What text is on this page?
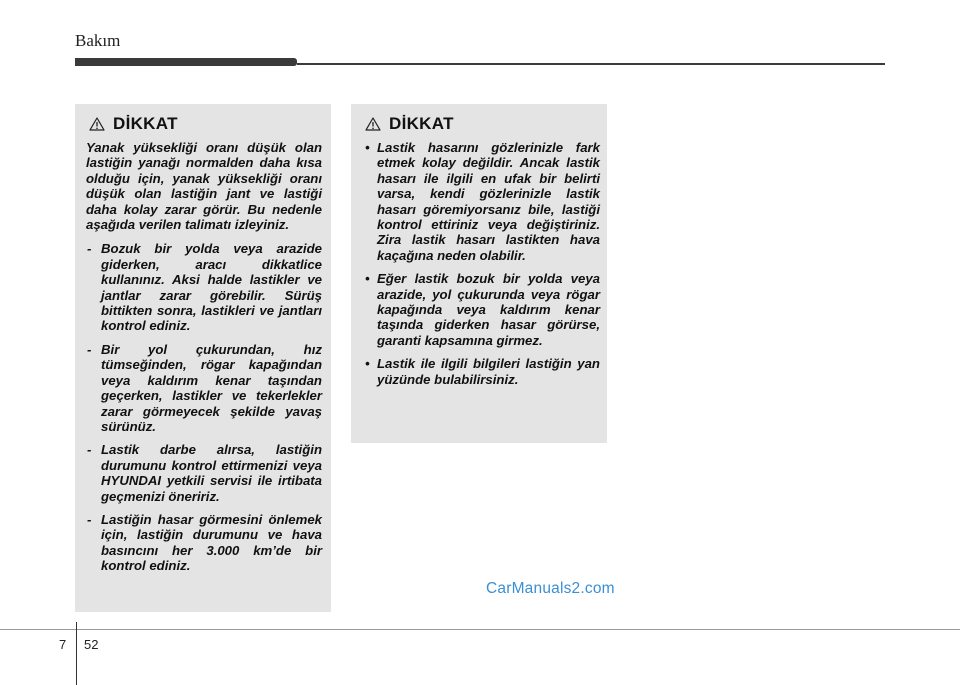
Bakım
DİKKAT

Yanak yüksekliği oranı düşük olan lastiğin yanağı normalden daha kısa olduğu için, yanak yüksekliği oranı düşük olan lastiğin jant ve lastiği daha kolay zarar görür. Bu nedenle aşağıda verilen talimatı izleyiniz.

- Bozuk bir yolda veya arazide giderken, aracı dikkatlice kullanınız. Aksi halde lastikler ve jantlar zarar görebilir. Sürüş bittikten sonra, lastikleri ve jantları kontrol ediniz.
- Bir yol çukurundan, hız tümseğinden, rögar kapağından veya kaldırım kenar taşından geçerken, lastikler ve tekerlekler zarar görmeyecek şekilde yavaş sürünüz.
- Lastik darbe alırsa, lastiğin durumunu kontrol ettirmenizi veya HYUNDAI yetkili servisi ile irtibata geçmenizi öneririz.
- Lastiğin hasar görmesini önlemek için, lastiğin durumunu ve hava basıncını her 3.000 km’de bir kontrol ediniz.
DİKKAT
• Lastik hasarını gözlerinizle fark etmek kolay değildir. Ancak lastik hasarı ile ilgili en ufak bir belirti varsa, kendi gözlerinizle lastik hasarı göremiyorsanız bile, lastiği kontrol ettiriniz veya değiştiriniz. Zira lastik hasarı lastikten hava kaçağına neden olabilir.
• Eğer lastik bozuk bir yolda veya arazide, yol çukurunda veya rögar kapağında veya kaldırım kenar taşında giderken hasar görürse, garanti kapsamına girmez.
• Lastik ile ilgili bilgileri lastiğin yan yüzünde bulabilirsiniz.
CarManuals2.com
7 52
